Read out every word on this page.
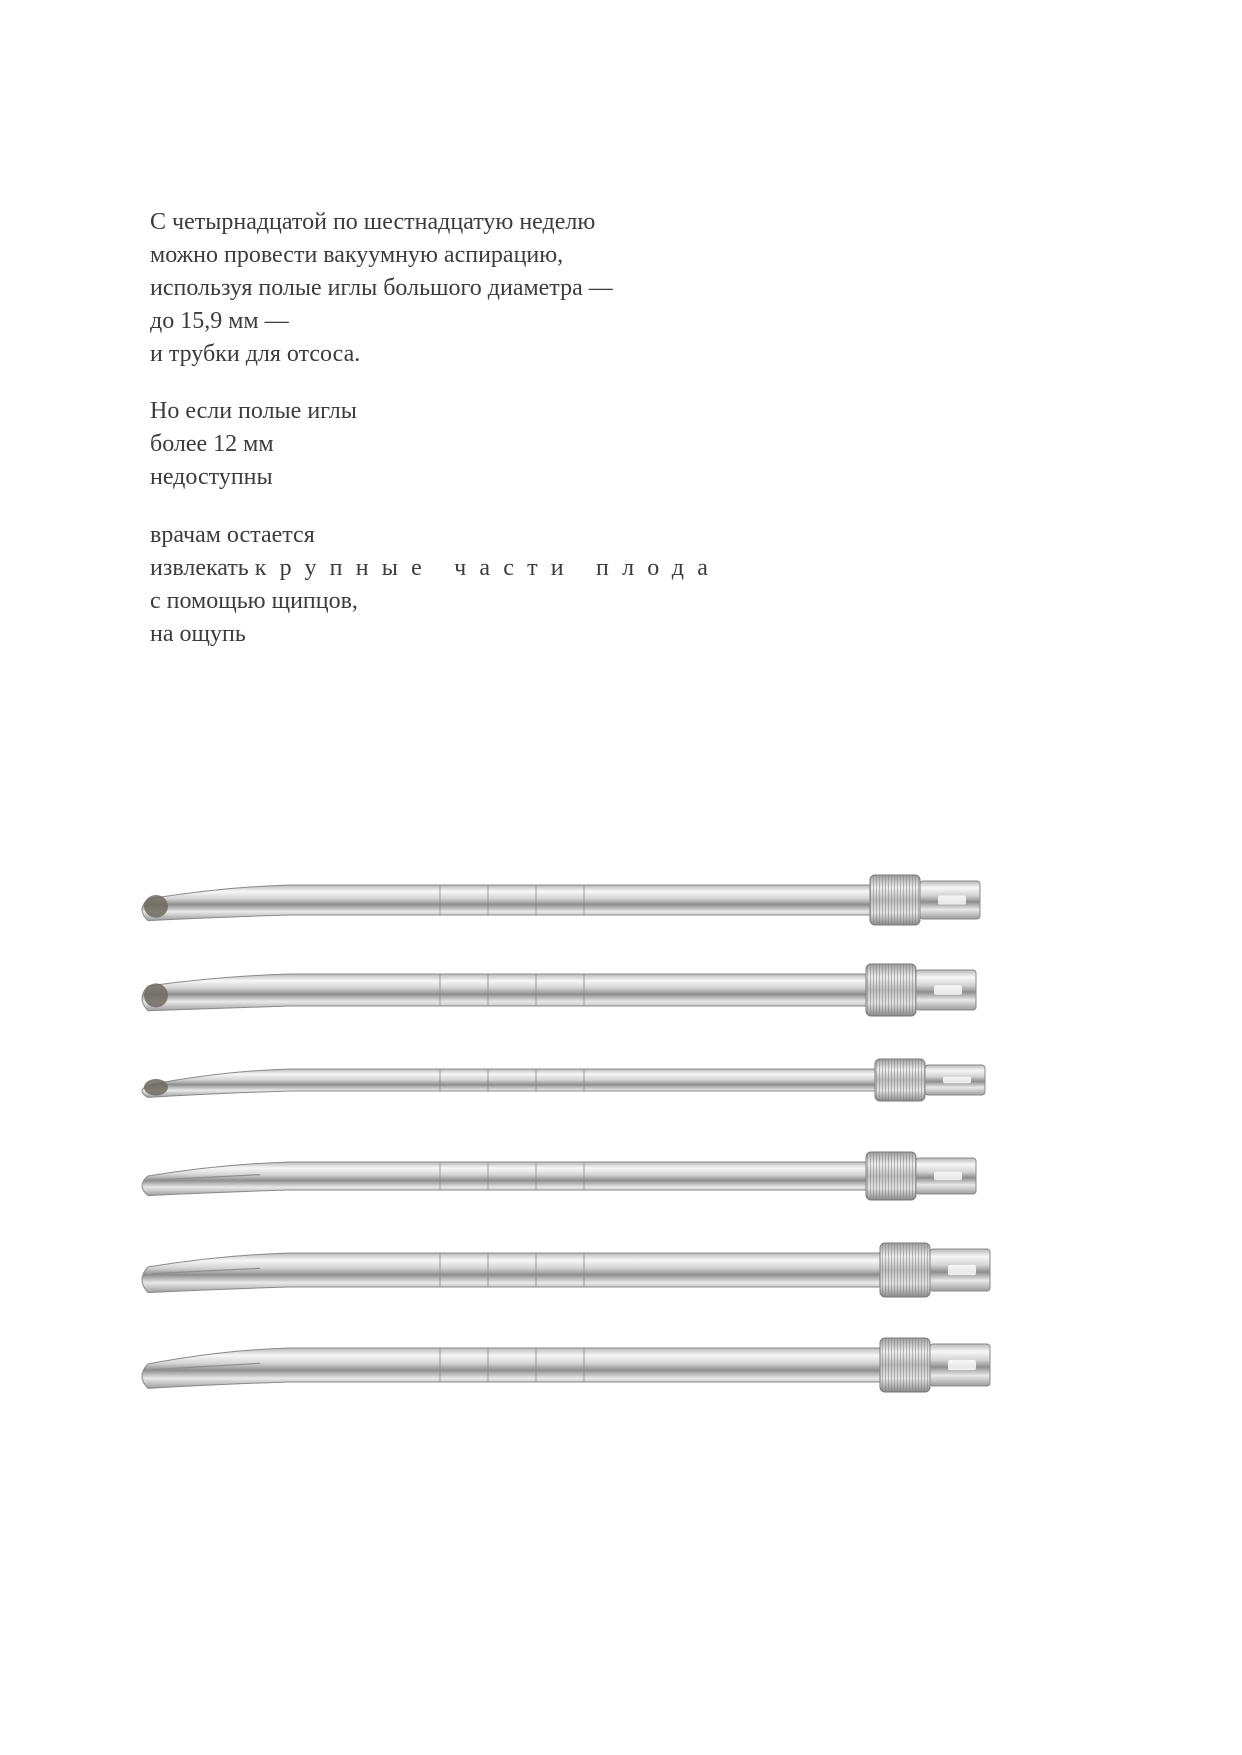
С четырнадцатой по шестнадцатую неделю
можно провести вакуумную аспирацию,
используя полые иглы большого диаметра —
до 15,9 мм —
и трубки для отсоса.
Но если полые иглы
более 12 мм
недоступны
врачам остается
извлекать крупные части плода
с помощью щипцов,
на ощупь
